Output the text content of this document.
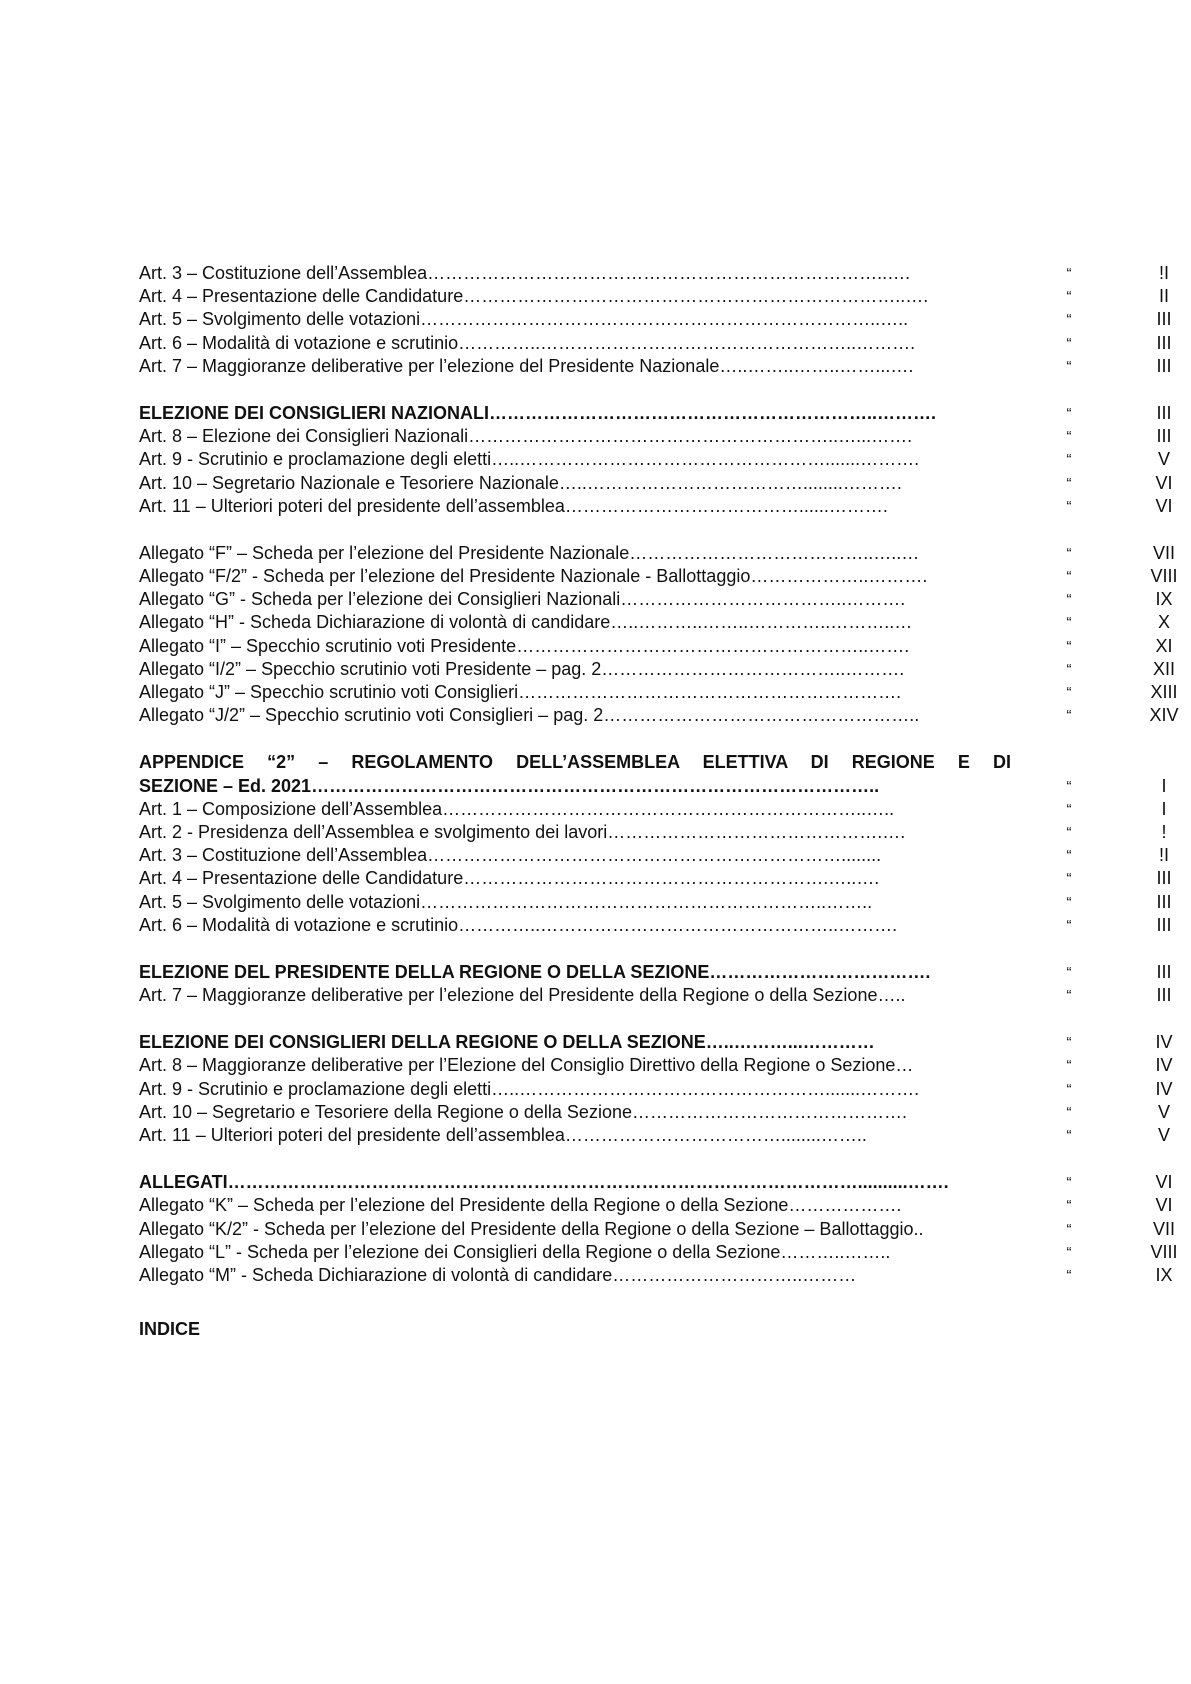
Art. 3 – Costituzione dell’Assemblea…………………………………………………………………..….	“	!I
Art. 4 – Presentazione delle Candidature………………………………………………………………..….	“	II
Art. 5 – Svolgimento delle votazioni…………………………………………………………………..…..	“	III
Art. 6 – Modalità di votazione e scrutinio…………..……………………………………………..……….	“	III
Art. 7 – Maggioranze deliberative per l’elezione del Presidente Nazionale…..……..……..……...….	“	III
ELEZIONE DEI CONSIGLIERI NAZIONALI………………………………………………………..……….	“	III
Art. 8 – Elezione dei Consiglieri Nazionali……………………………………………………..…...…….	“	III
Art. 9 - Scrutinio e proclamazione degli eletti…..…………………………………………….......……….	“	V
Art. 10 – Segretario Nazionale e Tesoriere Nazionale…..………………………………........……….	“	VI
Art. 11 – Ulteriori poteri del presidente dell’assemblea…………………………………......……….	“	VI
Allegato “F” – Scheda per l’elezione del Presidente Nazionale…………………………………..…..…	“	VII
Allegato “F/2” - Scheda per l’elezione del Presidente Nazionale - Ballottaggio………………..……….	“	VIII
Allegato “G” - Scheda per l’elezione dei Consiglieri Nazionali………………………………..……….	“	IX
Allegato “H” - Scheda Dichiarazione di volontà di candidare…..………..……..…………..………..…	“	X
Allegato “I” – Specchio scrutinio voti Presidente…………………………………………………..…….	“	XI
Allegato “I/2” – Specchio scrutinio voti Presidente – pag. 2…………………………………..……….	“	XII
Allegato “J” – Specchio scrutinio voti Consiglieri……………………………………………………….	“	XIII
Allegato “J/2” – Specchio scrutinio voti Consiglieri – pag. 2……………………………………………..	“	XIV
APPENDICE “2” – REGOLAMENTO DELL’ASSEMBLEA ELETTIVA DI REGIONE E DI
SEZIONE – Ed. 2021…………………………………………………………………………………..	“	I
Art. 1 – Composizione dell’Assemblea……………………………………………………………..…..	“	I
Art. 2 - Presidenza dell’Assemblea e svolgimento dei lavori……………………………………….….	“	!
Art. 3 – Costituzione dell’Assemblea……………………………………………………………........	“	!I
Art. 4 – Presentazione delle Candidature…………………………………………………….…..….	“	III
Art. 5 – Svolgimento delle votazioni…………………………………………………………..……..	“	III
Art. 6 – Modalità di votazione e scrutinio…………..…………………………………………..……….	“	III
ELEZIONE DEL PRESIDENTE DELLA REGIONE O DELLA SEZIONE……………………………….	“	III
Art. 7 – Maggioranze deliberative per l’elezione del Presidente della Regione o della Sezione…..	“	III
ELEZIONE DEI CONSIGLIERI DELLA REGIONE O DELLA SEZIONE…..………...…………	“	IV
Art. 8 – Maggioranze deliberative per l’Elezione del Consiglio Direttivo della Regione o Sezione…	“	IV
Art. 9 - Scrutinio e proclamazione degli eletti…..…………………………………………….......……….	“	IV
Art. 10 – Segretario e Tesoriere della Regione o della Sezione……………………………………….	“	V
Art. 11 – Ulteriori poteri del presidente dell’assemblea………………………………........……..	“	V
ALLEGATI……………………………………………………………………………………………..........…….	“	VI
Allegato “K” – Scheda per l’elezione del Presidente della Regione o della Sezione……………….	“	VI
Allegato “K/2” - Scheda per l’elezione del Presidente della Regione o della Sezione – Ballottaggio..	“	VII
Allegato “L” - Scheda per l’elezione dei Consiglieri della Regione o della Sezione………..……..	“	VIII
Allegato “M” - Scheda Dichiarazione di volontà di candidare…………………………..………	“	IX
INDICE
